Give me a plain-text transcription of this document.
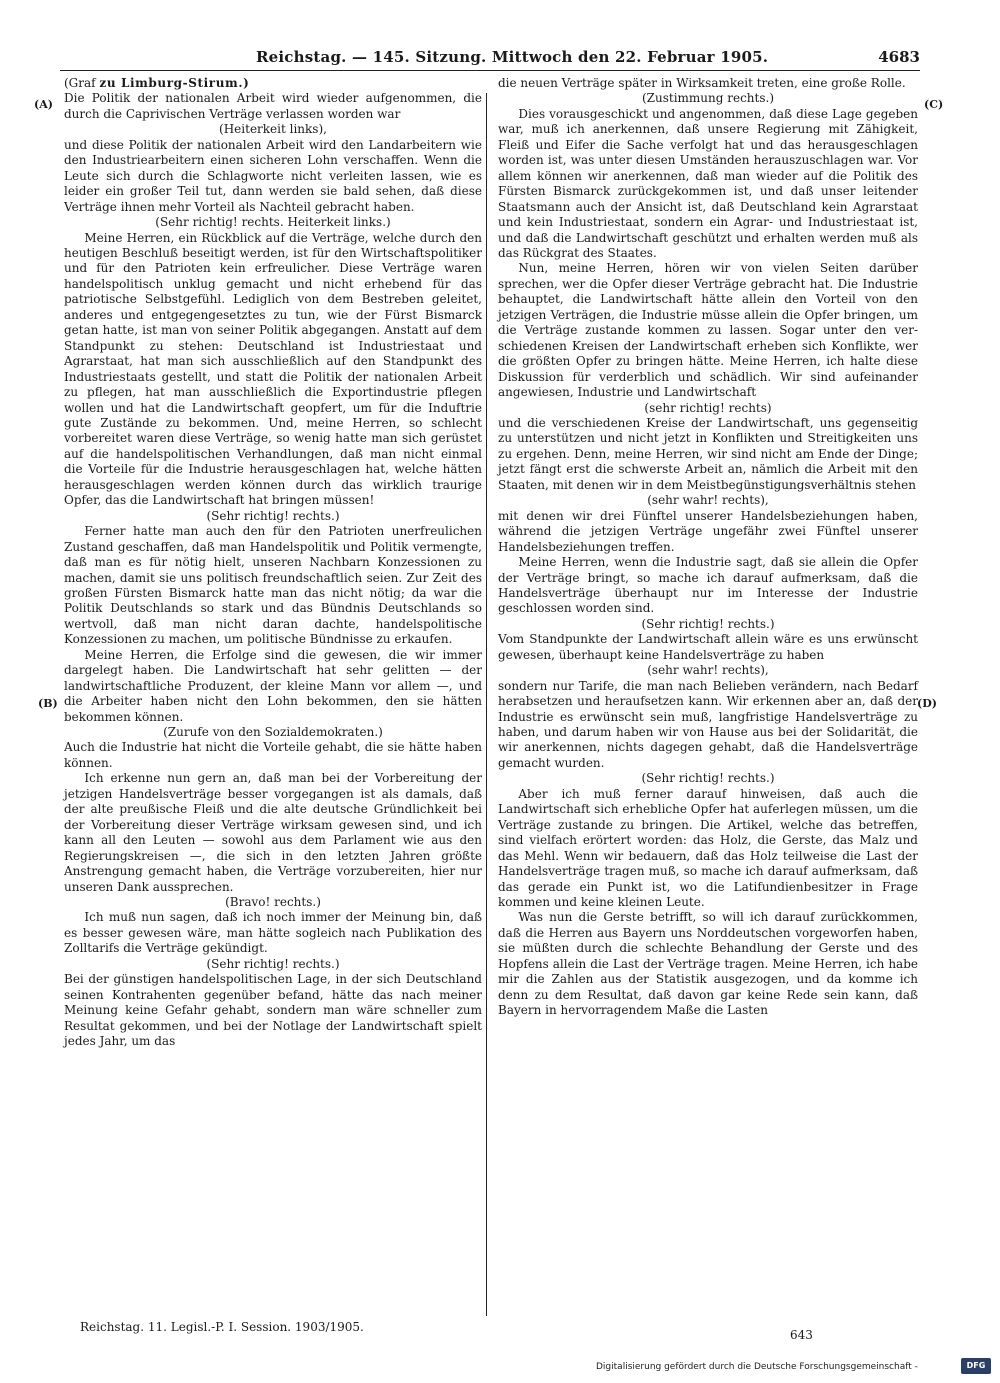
Reichstag. — 145. Sitzung. Mittwoch den 22. Februar 1905.	4683
(A)	(C)
(B)	(D)

(Graf zu Limburg-Stirum.)

Die Politik der nationalen Arbeit wird wieder aufgenommen, die durch die Caprivischen Verträge verlassen worden war

(Heiterkeit links),

und diese Politik der nationalen Arbeit wird den Landarbeitern wie den Industriearbeitern einen sicheren Lohn verschaffen. Wenn die Leute sich durch die Schlagworte nicht verleiten lassen, wie es leider ein großer Teil tut, dann werden sie bald sehen, daß diese Verträge ihnen mehr Vorteil als Nachteil gebracht haben.

(Sehr richtig! rechts. Heiterkeit links.)

Meine Herren, ein Rückblick auf die Verträge, welche durch den heutigen Beschluß beseitigt werden, ist für den Wirtschaftspolitiker und für den Patrioten kein erfreulicher. Diese Verträge waren handelspolitisch unklug gemacht und nicht erhebend für das patriotische Selbstgefühl. Lediglich von dem Bestreben geleitet, anderes und entgegengesetztes zu tun, wie der Fürst Bismarck getan hatte, ist man von seiner Politik abgegangen. Anstatt auf dem Standpunkt zu stehen: Deutschland ist Industriestaat und Agrarstaat, hat man sich ausschließlich auf den Standpunkt des Industriestaats gestellt, und statt die Politik der nationalen Arbeit zu pflegen, hat man ausschließlich die Exportindustrie pflegen wollen und hat die Landwirtschaft geopfert, um für die Induftrie gute Zustände zu bekommen. Und, meine Herren, so schlecht vorbereitet waren diese Verträge, so wenig hatte man sich gerüstet auf die handelspolitischen Verhandlungen, daß man nicht einmal die Vorteile für die Industrie herausgeschlagen hat, welche hätten herausgeschlagen werden können durch das wirklich traurige Opfer, das die Landwirtschaft hat bringen müssen!

(Sehr richtig! rechts.)

Ferner hatte man auch den für den Patrioten unerfreulichen Zustand geschaffen, daß man Handelspolitik und Politik vermengte, daß man es für nötig hielt, unseren Nachbarn Konzessionen zu machen, damit sie uns politisch freundschaftlich seien. Zur Zeit des großen Fürsten Bismarck hatte man das nicht nötig; da war die Politik Deutschlands so stark und das Bündnis Deutschlands so wertvoll, daß man nicht daran dachte, handelspolitische Konzessionen zu machen, um politische Bündnisse zu erkaufen.

Meine Herren, die Erfolge sind die gewesen, die wir immer dargelegt haben. Die Landwirtschaft hat sehr gelitten — der landwirtschaftliche Produzent, der kleine Mann vor allem —, und die Arbeiter haben nicht den Lohn bekommen, den sie hätten bekommen können.

(Zurufe von den Sozialdemokraten.)

Auch die Industrie hat nicht die Vorteile gehabt, die sie hätte haben können.

Ich erkenne nun gern an, daß man bei der Vorbereitung der jetzigen Handelsverträge besser vorgegangen ist als damals, daß der alte preußische Fleiß und die alte deutsche Gründlichkeit bei der Vorbereitung dieser Verträge wirksam gewesen sind, und ich kann all den Leuten — sowohl aus dem Parlament wie aus den Regierungskreisen —, die sich in den letzten Jahren größte Anstrengung gemacht haben, die Verträge vorzubereiten, hier nur unseren Dank aussprechen.

(Bravo! rechts.)

Ich muß nun sagen, daß ich noch immer der Meinung bin, daß es besser gewesen wäre, man hätte sogleich nach Publikation des Zolltarifs die Verträge gekündigt.

(Sehr richtig! rechts.)

Bei der günstigen handelspolitischen Lage, in der sich Deutschland seinen Kontrahenten gegenüber befand, hätte das nach meiner Meinung keine Gefahr gehabt, sondern man wäre schneller zum Resultat gekommen, und bei der Notlage der Landwirtschaft spielt jedes Jahr, um das

die neuen Verträge später in Wirksamkeit treten, eine große Rolle.

(Zustimmung rechts.)

Dies vorausgeschickt und angenommen, daß diese Lage gegeben war, muß ich anerkennen, daß unsere Regierung mit Zähigkeit, Fleiß und Eifer die Sache verfolgt hat und das herausgeschlagen worden ist, was unter diesen Umständen herauszuschlagen war. Vor allem können wir anerkennen, daß man wieder auf die Politik des Fürsten Bismarck zurückgekommen ist, und daß unser leitender Staatsmann auch der Ansicht ist, daß Deutschland kein Agrarstaat und kein Industriestaat, sondern ein Agrar- und Industriestaat ist, und daß die Landwirtschaft geschützt und erhalten werden muß als das Rückgrat des Staates.

Nun, meine Herren, hören wir von vielen Seiten darüber sprechen, wer die Opfer dieser Verträge gebracht hat. Die Industrie behauptet, die Landwirtschaft hätte allein den Vorteil von den jetzigen Verträgen, die Industrie müsse allein die Opfer bringen, um die Verträge zustande kommen zu lassen. Sogar unter den verschiedenen Kreisen der Landwirtschaft erheben sich Konflikte, wer die größten Opfer zu bringen hätte. Meine Herren, ich halte diese Diskussion für verderblich und schädlich. Wir sind aufeinander angewiesen, Industrie und Landwirtschaft

(sehr richtig! rechts)

und die verschiedenen Kreise der Landwirtschaft, uns gegenseitig zu unterstützen und nicht jetzt in Konflikten und Streitigkeiten uns zu ergehen. Denn, meine Herren, wir sind nicht am Ende der Dinge; jetzt fängt erst die schwerste Arbeit an, nämlich die Arbeit mit den Staaten, mit denen wir in dem Meistbegünstigungsverhältnis stehen

(sehr wahr! rechts),

mit denen wir drei Fünftel unserer Handelsbeziehungen haben, während die jetzigen Verträge ungefähr zwei Fünftel unserer Handelsbeziehungen treffen.

Meine Herren, wenn die Industrie sagt, daß sie allein die Opfer der Verträge bringt, so mache ich darauf aufmerksam, daß die Handelsverträge überhaupt nur im Interesse der Industrie geschlossen worden sind.

(Sehr richtig! rechts.)

Vom Standpunkte der Landwirtschaft allein wäre es uns erwünscht gewesen, überhaupt keine Handelsverträge zu haben

(sehr wahr! rechts),

sondern nur Tarife, die man nach Belieben verändern, nach Bedarf herabsetzen und heraufsetzen kann. Wir erkennen aber an, daß der Industrie es erwünscht sein muß, langfristige Handelsverträge zu haben, und darum haben wir von Hause aus bei der Solidarität, die wir anerkennen, nichts dagegen gehabt, daß die Handelsverträge gemacht wurden.

(Sehr richtig! rechts.)

Aber ich muß ferner darauf hinweisen, daß auch die Landwirtschaft sich erhebliche Opfer hat auferlegen müssen, um die Verträge zustande zu bringen. Die Artikel, welche das betreffen, sind vielfach erörtert worden: das Holz, die Gerste, das Malz und das Mehl. Wenn wir bedauern, daß das Holz teilweise die Last der Handelsverträge tragen muß, so mache ich darauf aufmerksam, daß das gerade ein Punkt ist, wo die Latifundienbesitzer in Frage kommen und keine kleinen Leute.

Was nun die Gerste betrifft, so will ich darauf zurückkommen, daß die Herren aus Bayern uns Norddeutschen vorgeworfen haben, sie müßten durch die schlechte Behandlung der Gerste und des Hopfens allein die Last der Verträge tragen. Meine Herren, ich habe mir die Zahlen aus der Statistik ausgezogen, und da komme ich denn zu dem Resultat, daß davon gar keine Rede sein kann, daß Bayern in hervorragendem Maße die Lasten

Reichstag. 11. Legisl.-P. I. Session. 1903/1905.
643
Digitalisierung gefördert durch die Deutsche Forschungsgemeinschaft -	DFG
